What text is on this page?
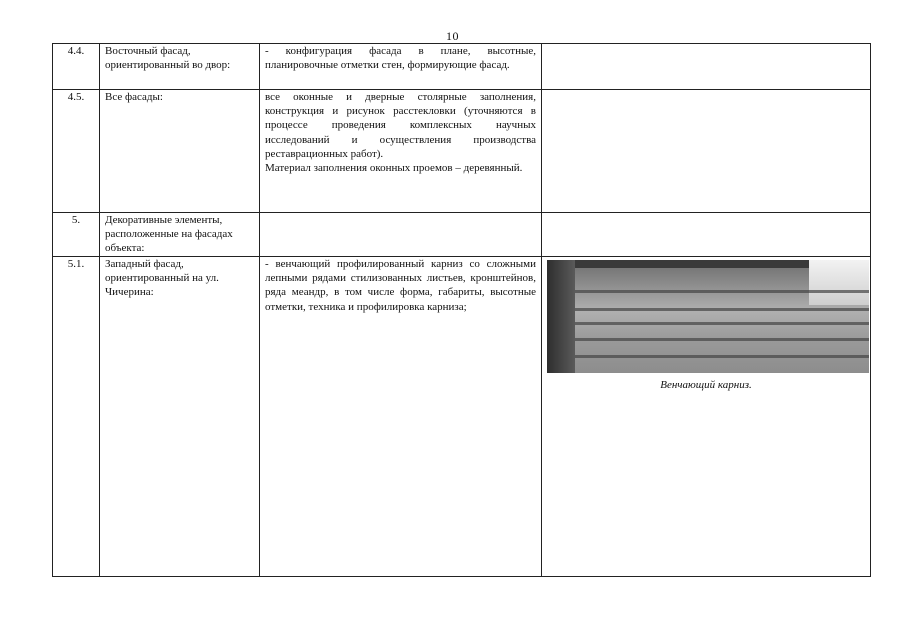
10
4.4.	Восточный фасад, ориентированный во двор:	- конфигурация фасада в плане, высотные, планировочные отметки стен, формирующие фасад.	
4.5.	Все фасады:	все оконные и дверные столярные заполнения, конструкция и рисунок расстекловки (уточняются в процессе проведения комплексных научных исследований и осуществления производства реставрационных работ).
Материал заполнения оконных проемов – деревянный.	

5.	Декоративные элементы, расположенные на фасадах объекта:		
5.1.	Западный фасад, ориентированный на ул. Чичерина:	- венчающий профилированный карниз со сложными лепными рядами стилизованных листьев, кронштейнов, ряда меандр, в том числе форма, габариты, высотные отметки, техника и профилировка карниза;	Венчающий карниз.
